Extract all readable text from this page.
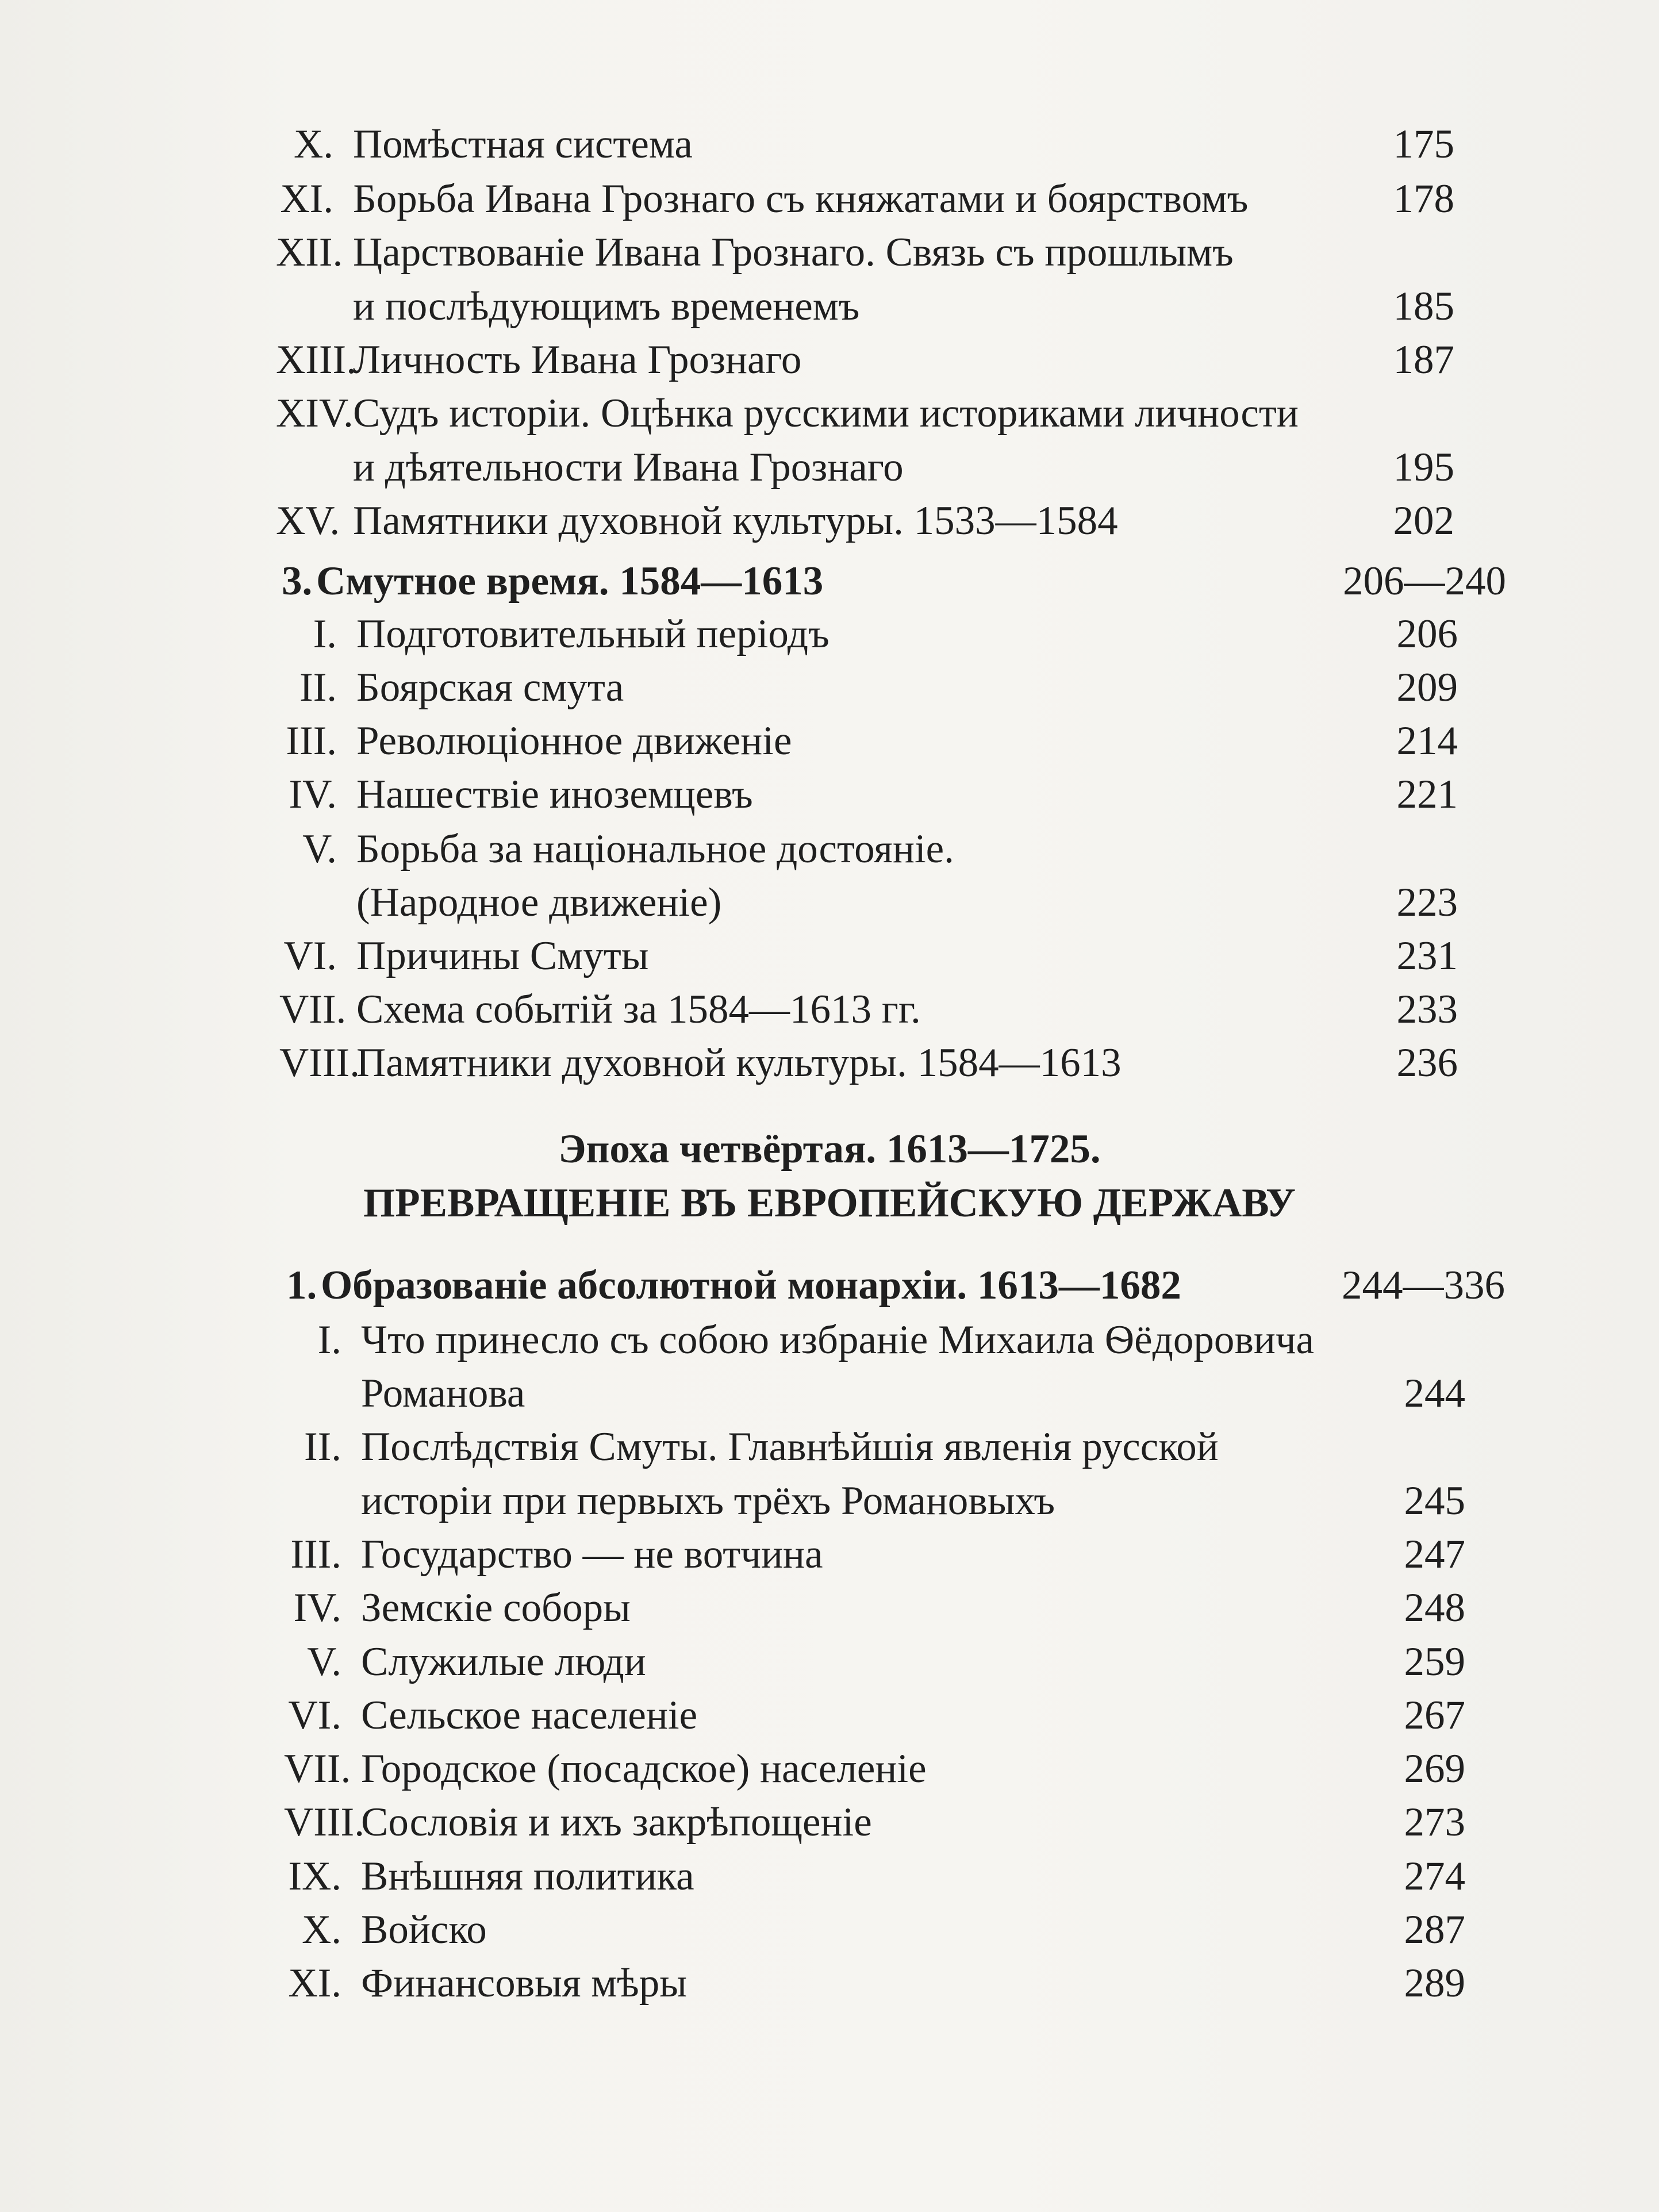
X. Помѣстная система . . .	175
XI. Борьба Ивана Грознаго съ княжатами и боярствомъ . . .	178
XII. Царствованіе Ивана Грознаго. Связь съ прошлымъ
и послѣдующимъ временемъ . . .	185
XIII.
Личность Ивана Грознаго . . .	187
XIV. Судъ исторіи. Оцѣнка русскими историками личности
и дѣятельности Ивана Грознаго . . .	195
XV. Памятники духовной культуры. 1533—1584 . . .	202
3. Смутное время. 1584—1613 . . .	206—240
I. Подготовительный періодъ . . .	206
II. Боярская смута . . .	209
III. Революціонное движеніе . . .	214
IV. Нашествіе иноземцевъ . . .	221
V. Борьба за національное достояніе.
(Народное движеніе) . . .	223
VI. Причины Смуты . . .	231
VII. Схема событій за 1584—1613 гг. . . .	233
VIII.
Памятники духовной культуры. 1584—1613 . . .	236
Эпоха четвёртая. 1613—1725.
ПРЕВРАЩЕНІЕ ВЪ ЕВРОПЕЙСКУЮ ДЕРЖАВУ
1. Образованіе абсолютной монархіи. 1613—1682 . . .	244—336
I. Что принесло съ собою избраніе Михаила Ѳёдоровича
Романова . . .	244
II. Послѣдствія Смуты. Главнѣйшія явленія русской
исторіи при первыхъ трёхъ Романовыхъ . . .	245
III. Государство — не вотчина . . .	247
IV. Земскіе соборы . . .	248
V. Служилые люди . . .	259
VI. Сельское населеніе . . .	267
VII. Городское (посадское) населеніе . . .	269
VIII.
Сословія и ихъ закрѣпощеніе . . .	273
IX. Внѣшняя политика . . .	274
X. Войско . . .	287
XI. Финансовыя мѣры . . .	289
